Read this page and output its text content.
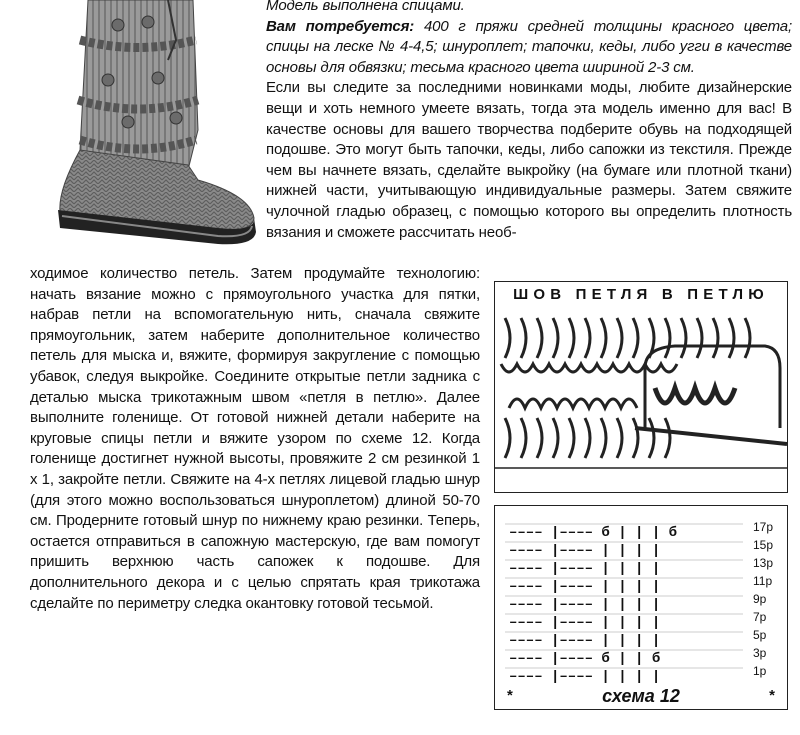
Модель выполнена спицами.
Вам потребуется: 400 г пряжи средней толщины красного цвета; спицы на леске № 4-4,5; шнуроплет; тапочки, кеды, либо угги в качестве основы для обвязки; тесьма красного цвета шириной 2-3 см.
Если вы следите за последними новинками моды, любите дизайнерские вещи и хоть немного умеете вязать, тогда эта модель именно для вас! В качестве основы для вашего творчества подберите обувь на подходящей подошве. Это могут быть тапочки, кеды, либо сапожки из текстиля. Прежде чем вы начнете вязать, сделайте выкройку (на бумаге или плотной ткани) нижней части, учитывающую индивидуальные размеры. Затем свяжите чулочной гладью образец, с помощью которого вы определить плотность вязания и сможете рассчитать необ-
ходимое количество петель. Затем продумайте технологию: начать вязание можно с прямоугольного участка для пятки, набрав петли на вспомогательную нить, сначала свяжите прямоугольник, затем наберите дополнительное количество петель для мыска и, вяжите, формируя закругление с помощью убавок, следуя выкройке. Соедините открытые петли задника с деталью мыска трикотажным швом «петля в петлю». Далее выполните голенище. От готовой нижней детали наберите на круговые спицы петли и вяжите узором по схеме 12. Когда голенище достигнет нужной высоты, провяжите 2 см резинкой 1 х 1, закройте петли. Свяжите на 4-х петлях лицевой гладью шнур (для этого можно воспользоваться шнуроплетом) длиной 50-70 см. Продерните готовый шнур по нижнему краю резинки. Теперь, остается отправиться в сапожную мастерскую, где вам помогут пришить верхнюю часть сапожек к подошве. Для дополнительного декора и с целью спрятать края трикотажа сделайте по периметру следка окантовку готовой тесьмой.
ШОВ ПЕТЛЯ В ПЕТЛЮ
–––– |–––– б | | | б
–––– |–––– | | | |
–––– |–––– | | | |
–––– |–––– | | | |
–––– |–––– | | | |
–––– |–––– | | | |
–––– |–––– | | | |
–––– |–––– б | | б
–––– |–––– | | | |
17р
15р
13р
11р
9р
7р
5р
3р
1р
*	*
схема 12
